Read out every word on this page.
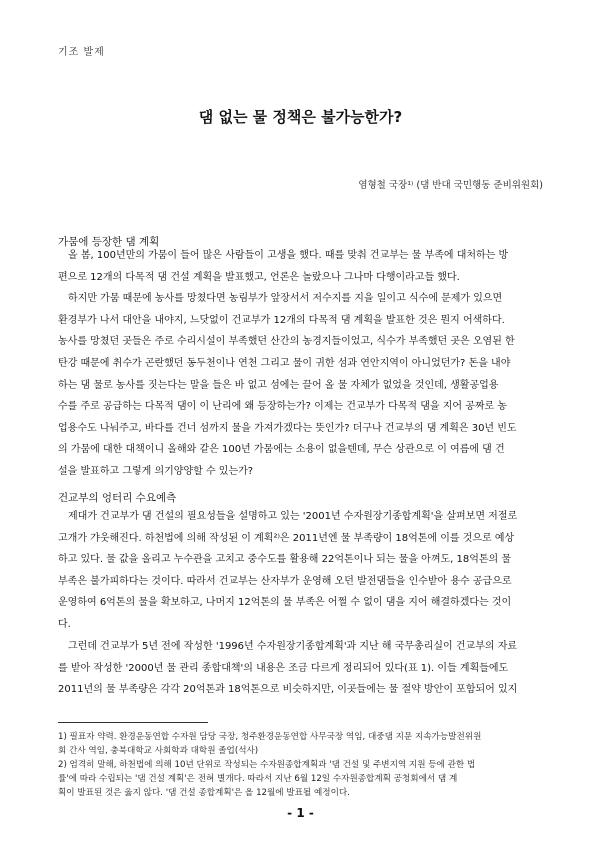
기조 발제
댐 없는 물 정책은 불가능한가?
염형철 국장¹⁾ (댐 반대 국민행동 준비위원회)
가뭄에 등장한 댐 계획
올 봄, 100년만의 가뭄이 들어 많은 사람들이 고생을 했다. 때를 맞춰 건교부는 물 부족에 대처하는 방
편으로 12개의 다목적 댐 건설 계획을 발표했고, 언론은 놀랐으나 그나마 다행이라고들 했다.
하지만 가뭄 때문에 농사를 망쳤다면 농림부가 앞장서서 저수지를 지을 일이고 식수에 문제가 있으면
환경부가 나서 대안을 내야지, 느닷없이 건교부가 12개의 다목적 댐 계획을 발표한 것은 뭔지 어색하다.
농사를 망쳤던 곳들은 주로 수리시설이 부족했던 산간의 농경지들이었고, 식수가 부족했던 곳은 오염된 한
탄강 때문에 취수가 곤란했던 동두천이나 연천 그리고 물이 귀한 섬과 연안지역이 아니었던가? 돈을 내야
하는 댐 물로 농사를 짓는다는 말을 들은 바 없고 섬에는 끌어 올 물 자체가 없었을 것인데, 생활공업용
수를 주로 공급하는 다목적 댐이 이 난리에 왜 등장하는가? 이제는 건교부가 다목적 댐을 지어 공짜로 농
업용수도 나눠주고, 바다를 건너 섬까지 물을 가져가겠다는 뜻인가? 더구나 건교부의 댐 계획은 30년 빈도
의 가뭄에 대한 대책이니 올해와 같은 100년 가뭄에는 소용이 없을텐데, 무슨 상관으로 이 여름에 댐 건
설을 발표하고 그렇게 의기양양할 수 있는가?
건교부의 엉터리 수요예측
제대가 건교부가 댐 건설의 필요성들을 설명하고 있는 '2001년 수자원장기종합계획'을 살펴보면 저절로
고개가 갸웃해진다. 하천법에 의해 작성된 이 계획²⁾은 2011년엔 물 부족량이 18억톤에 이를 것으로 예상
하고 있다. 물 값을 올리고 누수관을 고치고 중수도를 활용해 22억톤이나 되는 물을 아껴도, 18억톤의 물
부족은 불가피하다는 것이다. 따라서 건교부는 산자부가 운영해 오던 발전댐들을 인수받아 용수 공급으로
운영하여 6억톤의 물을 확보하고, 나머지 12억톤의 물 부족은 어쩔 수 없이 댐을 지어 해결하겠다는 것이
다.
그런데 건교부가 5년 전에 작성한 '1996년 수자원장기종합계획'과 지난 해 국무총리실이 건교부의 자료
를 받아 작성한 '2000년 물 관리 종합대책'의 내용은 조금 다르게 정리되어 있다(표 1). 이들 계획들에도
2011년의 물 부족량은 각각 20억톤과 18억톤으로 비슷하지만, 이곳들에는 물 절약 방안이 포함되어 있지
1) 필표자 약력. 환경운동연합 수자원 담당 국장, 청주환경운동연합 사무국장 역임, 대중댐 지문 지속가능발전위원
회 간사 역임, 충북대학교 사회학과 대학원 졸업(석사)
2) 엄격히 말해, 하천법에 의해 10년 단위로 작성되는 수자원종합계획과 '댐 건설 및 주변지역 지원 등에 관한 법
률'에 따라 수립되는 '댐 건설 계획'은 전혀 별개다. 따라서 지난 6월 12일 수자원종합계획 공청회에서 댐 계
획이 발표된 것은 옳지 않다. '댐 건설 종합계획'은 올 12월에 발표될 예정이다.
- 1 -
